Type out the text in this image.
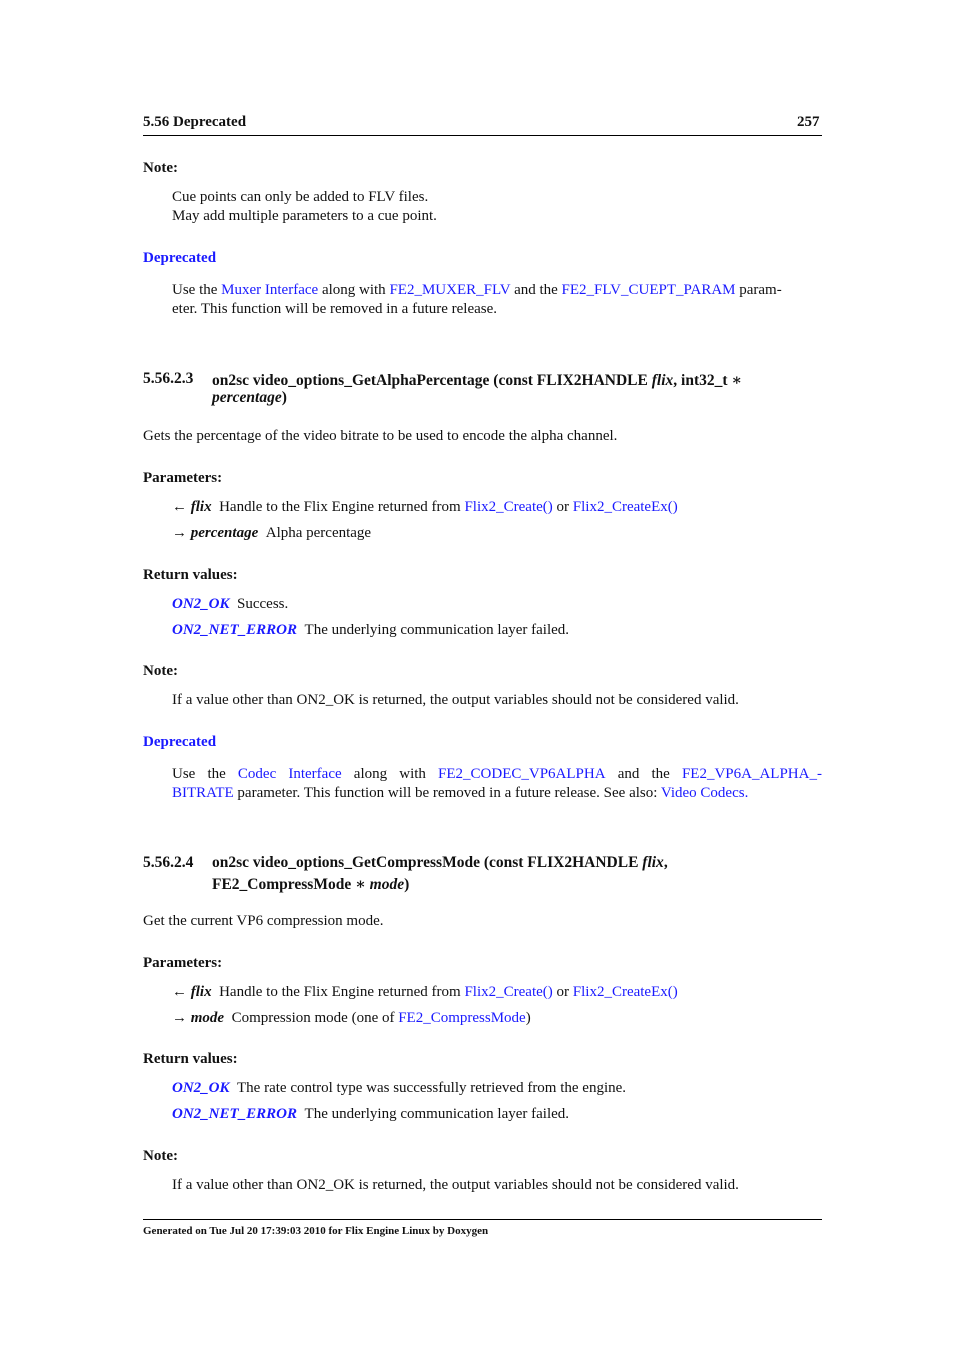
5.56 Deprecated	257
Note:
Cue points can only be added to FLV files.
May add multiple parameters to a cue point.
Deprecated
Use the Muxer Interface along with FE2_MUXER_FLV and the FE2_FLV_CUEPT_PARAM param-
eter. This function will be removed in a future release.
5.56.2.3 on2sc video_options_GetAlphaPercentage (const FLIX2HANDLE flix, int32_t ∗
percentage)
Gets the percentage of the video bitrate to be used to encode the alpha channel.
Parameters:
← flix Handle to the Flix Engine returned from Flix2_Create() or Flix2_CreateEx()
→ percentage Alpha percentage
Return values:
ON2_OK Success.
ON2_NET_ERROR The underlying communication layer failed.
Note:
If a value other than ON2_OK is returned, the output variables should not be considered valid.
Deprecated
Use the Codec Interface along with FE2_CODEC_VP6ALPHA and the FE2_VP6A_ALPHA_-
BITRATE parameter. This function will be removed in a future release. See also: Video Codecs.
5.56.2.4 on2sc video_options_GetCompressMode (const FLIX2HANDLE flix,
FE2_CompressMode ∗ mode)
Get the current VP6 compression mode.
Parameters:
← flix Handle to the Flix Engine returned from Flix2_Create() or Flix2_CreateEx()
→ mode Compression mode (one of FE2_CompressMode)
Return values:
ON2_OK The rate control type was successfully retrieved from the engine.
ON2_NET_ERROR The underlying communication layer failed.
Note:
If a value other than ON2_OK is returned, the output variables should not be considered valid.
Generated on Tue Jul 20 17:39:03 2010 for Flix Engine Linux by Doxygen
